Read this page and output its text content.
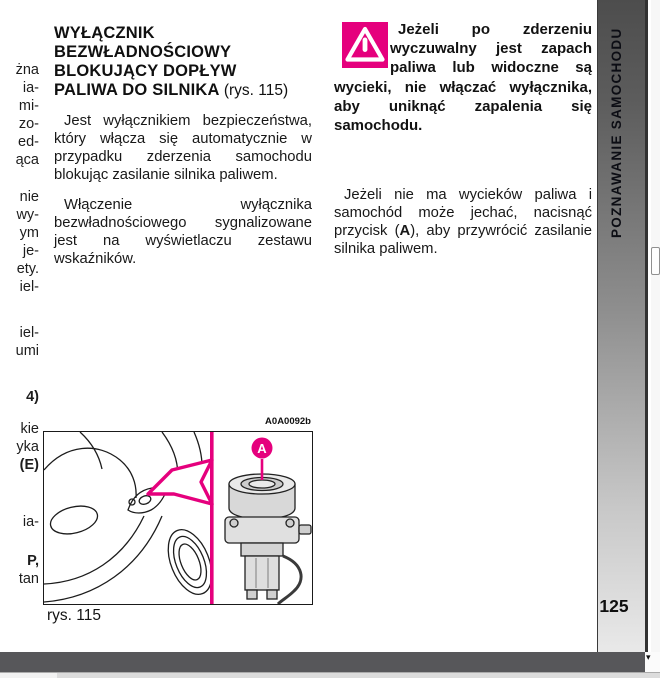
żna
ia-
mi-
zo-
ed-
ąca
nie
wy-
ym
je-
ety.
iel-
iel-
umi
4)
kie
yka
(E)
ia-
P,
tan
WYŁĄCZNIK
BEZWŁADNOŚCIOWY
BLOKUJĄCY DOPŁYW
PALIWA DO SILNIKA (rys. 115)

Jest wyłącznikiem bezpieczeństwa, który włącza się automatycznie w przypadku zderzenia samochodu blokując zasilanie silnika paliwem.

Włączenie wyłącznika bezwładnościowego sygnalizowane jest na wyświetlaczu zestawu wskaźników.

Jeżeli po zderzeniu wyczuwalny jest zapach paliwa lub widoczne są wycieki, nie włączać wyłącznika, aby uniknąć zapalenia się samochodu.

Jeżeli nie ma wycieków paliwa i samochód może jechać, nacisnąć przycisk (A), aby przywrócić zasilanie silnika paliwem.

A0A0092b
A
rys. 115
POZNAWANIE SAMOCHODU
125
▾
